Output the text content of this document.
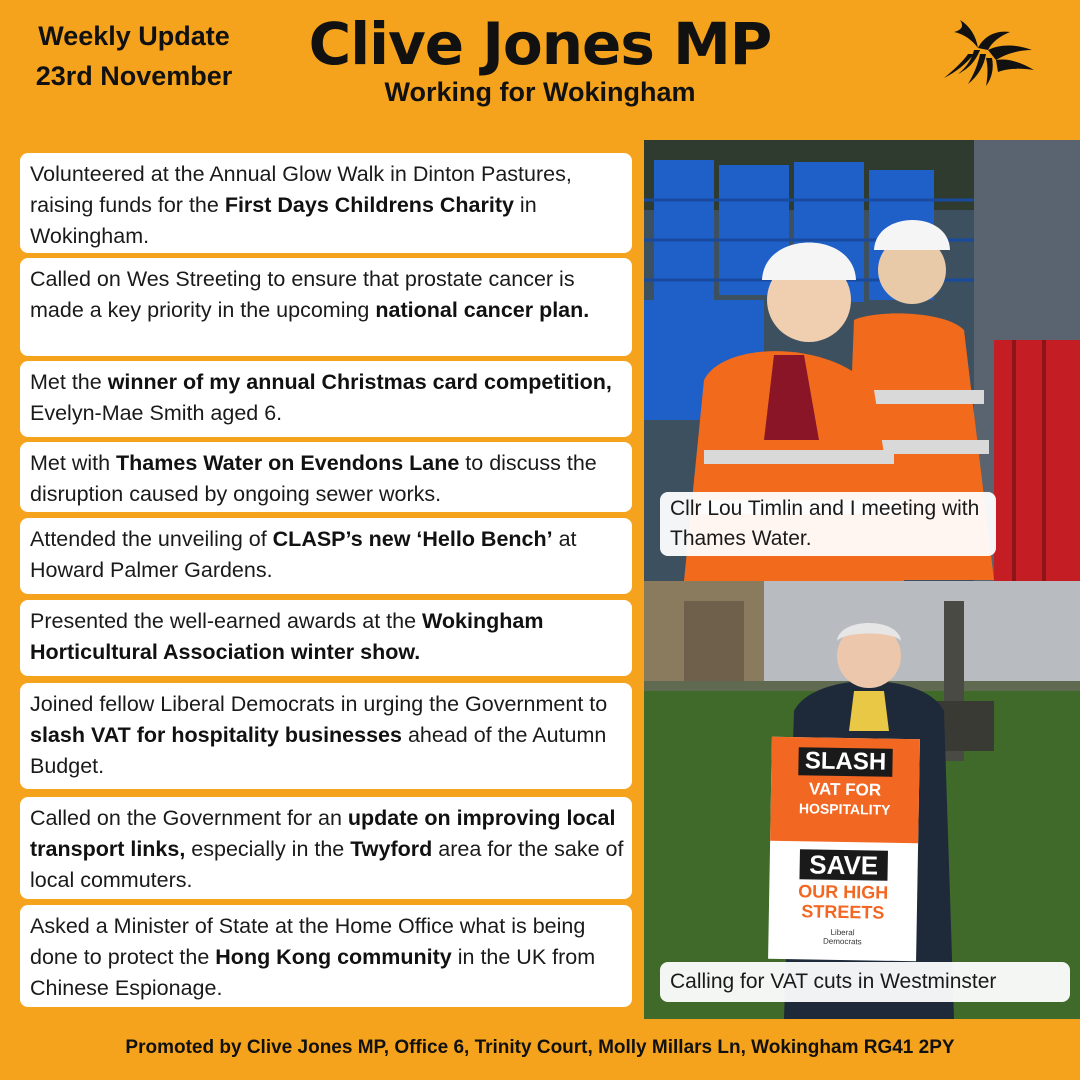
Weekly Update
23rd November	Clive Jones MP
Working for Wokingham
Volunteered at the Annual Glow Walk in Dinton Pastures, raising funds for the First Days Childrens Charity in Wokingham.
Called on Wes Streeting to ensure that prostate cancer is made a key priority in the upcoming national cancer plan.
Met the winner of my annual Christmas card competition, Evelyn-Mae Smith aged 6.
Met with Thames Water on Evendons Lane to discuss the disruption caused by ongoing sewer works.
Attended the unveiling of CLASP’s new ‘Hello Bench’ at Howard Palmer Gardens.
Presented the well-earned awards at the Wokingham Horticultural Association winter show.
Joined fellow Liberal Democrats in urging the Government to slash VAT for hospitality businesses ahead of the Autumn Budget.
Called on the Government for an update on improving local transport links, especially in the Twyford area for the sake of local commuters.
Asked a Minister of State at the Home Office what is being done to protect the Hong Kong community in the UK from Chinese Espionage.
Cllr Lou Timlin and I meeting with Thames Water.
SLASH
VAT FOR
HOSPITALITY
SAVE
OUR HIGH
STREETS
Liberal
Democrats
Calling for VAT cuts in Westminster
Promoted by Clive Jones MP, Office 6, Trinity Court, Molly Millars Ln, Wokingham RG41 2PY
